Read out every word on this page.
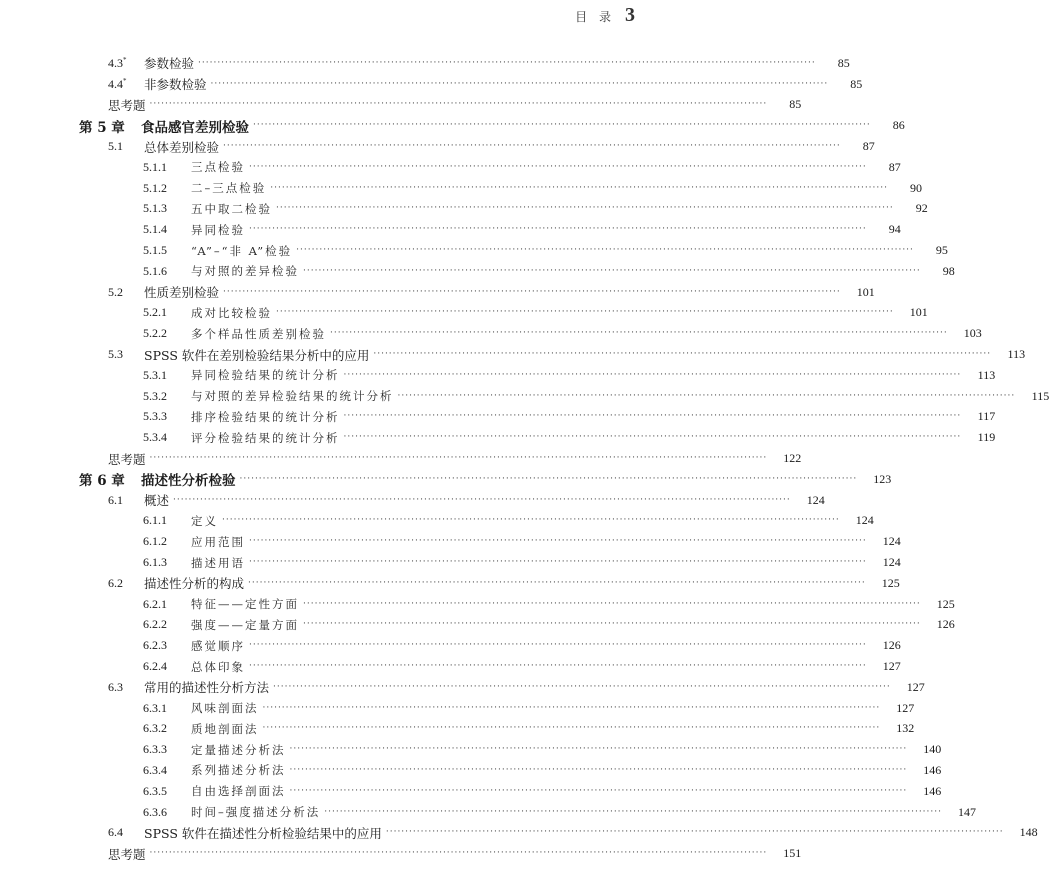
目 录 3
4.3*	参数检验 ································································································································································	85
4.4*	非参数检验 ································································································································································	85
思考题 ································································································································································	85
第 5 章	食品感官差别检验 ································································································································································	86
5.1	总体差别检验 ································································································································································	87
5.1.1	三点检验 ································································································································································	87
5.1.2	二–三点检验 ································································································································································	90
5.1.3	五中取二检验 ································································································································································	92
5.1.4	异同检验 ································································································································································	94
5.1.5	“A”–“非 A”检验 ································································································································································	95
5.1.6	与对照的差异检验 ································································································································································	98
5.2	性质差别检验 ································································································································································	101
5.2.1	成对比较检验 ································································································································································	101
5.2.2	多个样品性质差别检验 ································································································································································	103
5.3	SPSS 软件在差别检验结果分析中的应用 ································································································································································	113
5.3.1	异同检验结果的统计分析 ································································································································································	113
5.3.2	与对照的差异检验结果的统计分析 ································································································································································	115
5.3.3	排序检验结果的统计分析 ································································································································································	117
5.3.4	评分检验结果的统计分析 ································································································································································	119
思考题 ································································································································································	122
第 6 章	描述性分析检验 ································································································································································	123
6.1	概述 ································································································································································	124
6.1.1	定义 ································································································································································	124
6.1.2	应用范围 ································································································································································	124
6.1.3	描述用语 ································································································································································	124
6.2	描述性分析的构成 ································································································································································	125
6.2.1	特征——定性方面 ································································································································································	125
6.2.2	强度——定量方面 ································································································································································	126
6.2.3	感觉顺序 ································································································································································	126
6.2.4	总体印象 ································································································································································	127
6.3	常用的描述性分析方法 ································································································································································	127
6.3.1	风味剖面法 ································································································································································	127
6.3.2	质地剖面法 ································································································································································	132
6.3.3	定量描述分析法 ································································································································································	140
6.3.4	系列描述分析法 ································································································································································	146
6.3.5	自由选择剖面法 ································································································································································	146
6.3.6	时间–强度描述分析法 ································································································································································	147
6.4	SPSS 软件在描述性分析检验结果中的应用 ································································································································································	148
思考题 ································································································································································	151
